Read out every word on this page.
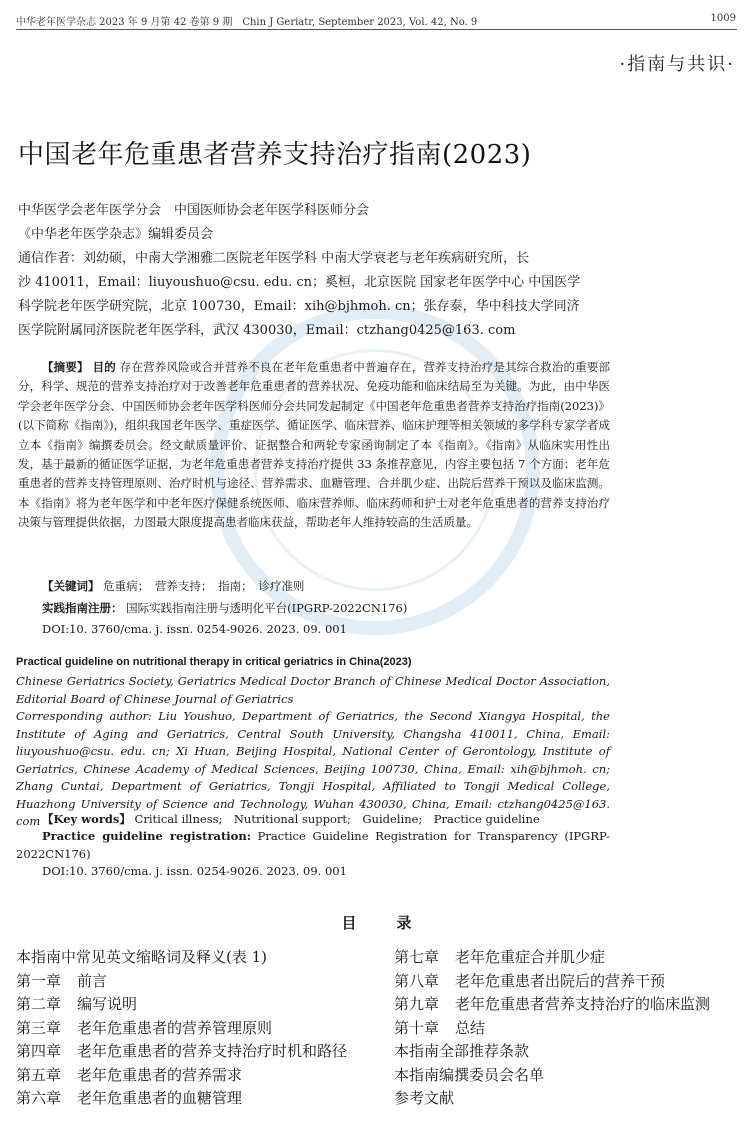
中华老年医学杂志 2023 年 9 月第 42 卷第 9 期　Chin J Geriatr, September 2023, Vol. 42, No. 9	1009
·指南与共识·
中国老年危重患者营养支持治疗指南(2023)
中华医学会老年医学分会　中国医师协会老年医学科医师分会
《中华老年医学杂志》编辑委员会
通信作者：刘幼硕，中南大学湘雅二医院老年医学科 中南大学衰老与老年疾病研究所，长
沙 410011，Email：liuyoushuo@csu. edu. cn；奚桓，北京医院 国家老年医学中心 中国医学
科学院老年医学研究院，北京 100730，Email：xih@bjhmoh. cn；张存泰，华中科技大学同济
医学院附属同济医院老年医学科，武汉 430030，Email：ctzhang0425@163. com
【摘要】 目的 存在营养风险或合并营养不良在老年危重患者中普遍存在，营养支持治疗是其综合救治的重要部分，科学、规范的营养支持治疗对于改善老年危重患者的营养状况、免疫功能和临床结局至为关键。为此，由中华医学会老年医学分会、中国医师协会老年医学科医师分会共同发起制定《中国老年危重患者营养支持治疗指南(2023)》(以下简称《指南》)，组织我国老年医学、重症医学、循证医学、临床营养、临床护理等相关领域的多学科专家学者成立本《指南》编撰委员会。经文献质量评价、证据整合和两轮专家函询制定了本《指南》。《指南》从临床实用性出发，基于最新的循证医学证据，为老年危重患者营养支持治疗提供 33 条推荐意见，内容主要包括 7 个方面：老年危重患者的营养支持管理原则、治疗时机与途径、营养需求、血糖管理、合并肌少症、出院后营养干预以及临床监测。本《指南》将为老年医学和中老年医疗保健系统医师、临床营养师、临床药师和护士对老年危重患者的营养支持治疗决策与管理提供依据，力图最大限度提高患者临床获益，帮助老年人维持较高的生活质量。
【关键词】 危重病；　营养支持；　指南；　诊疗准则
实践指南注册： 国际实践指南注册与透明化平台(IPGRP-2022CN176)
DOI:10. 3760/cma. j. issn. 0254-9026. 2023. 09. 001
Practical guideline on nutritional therapy in critical geriatrics in China(2023)
Chinese Geriatrics Society, Geriatrics Medical Doctor Branch of Chinese Medical Doctor Association, Editorial Board of Chinese Journal of Geriatrics
Corresponding author: Liu Youshuo, Department of Geriatrics, the Second Xiangya Hospital, the Institute of Aging and Geriatrics, Central South University, Changsha 410011, China, Email: liuyoushuo@csu. edu. cn; Xi Huan, Beijing Hospital, National Center of Gerontology, Institute of Geriatrics, Chinese Academy of Medical Sciences, Beijing 100730, China, Email: xih@bjhmoh. cn; Zhang Cuntai, Department of Geriatrics, Tongji Hospital, Affiliated to Tongji Medical College, Huazhong University of Science and Technology, Wuhan 430030, China, Email: ctzhang0425@163. com 【Key words】 Critical illness;　Nutritional support;　Guideline;　Practice guideline
Practice guideline registration: Practice Guideline Registration for Transparency (IPGRP-2022CN176)
DOI:10. 3760/cma. j. issn. 0254-9026. 2023. 09. 001
目录
本指南中常见英文缩略词及释义(表 1)
第一章 前言
第二章 编写说明
第三章 老年危重患者的营养管理原则
第四章 老年危重患者的营养支持治疗时机和路径
第五章 老年危重患者的营养需求
第六章 老年危重患者的血糖管理
第七章 老年危重症合并肌少症
第八章 老年危重患者出院后的营养干预
第九章 老年危重患者营养支持治疗的临床监测
第十章 总结
本指南全部推荐条款
本指南编撰委员会名单
参考文献
